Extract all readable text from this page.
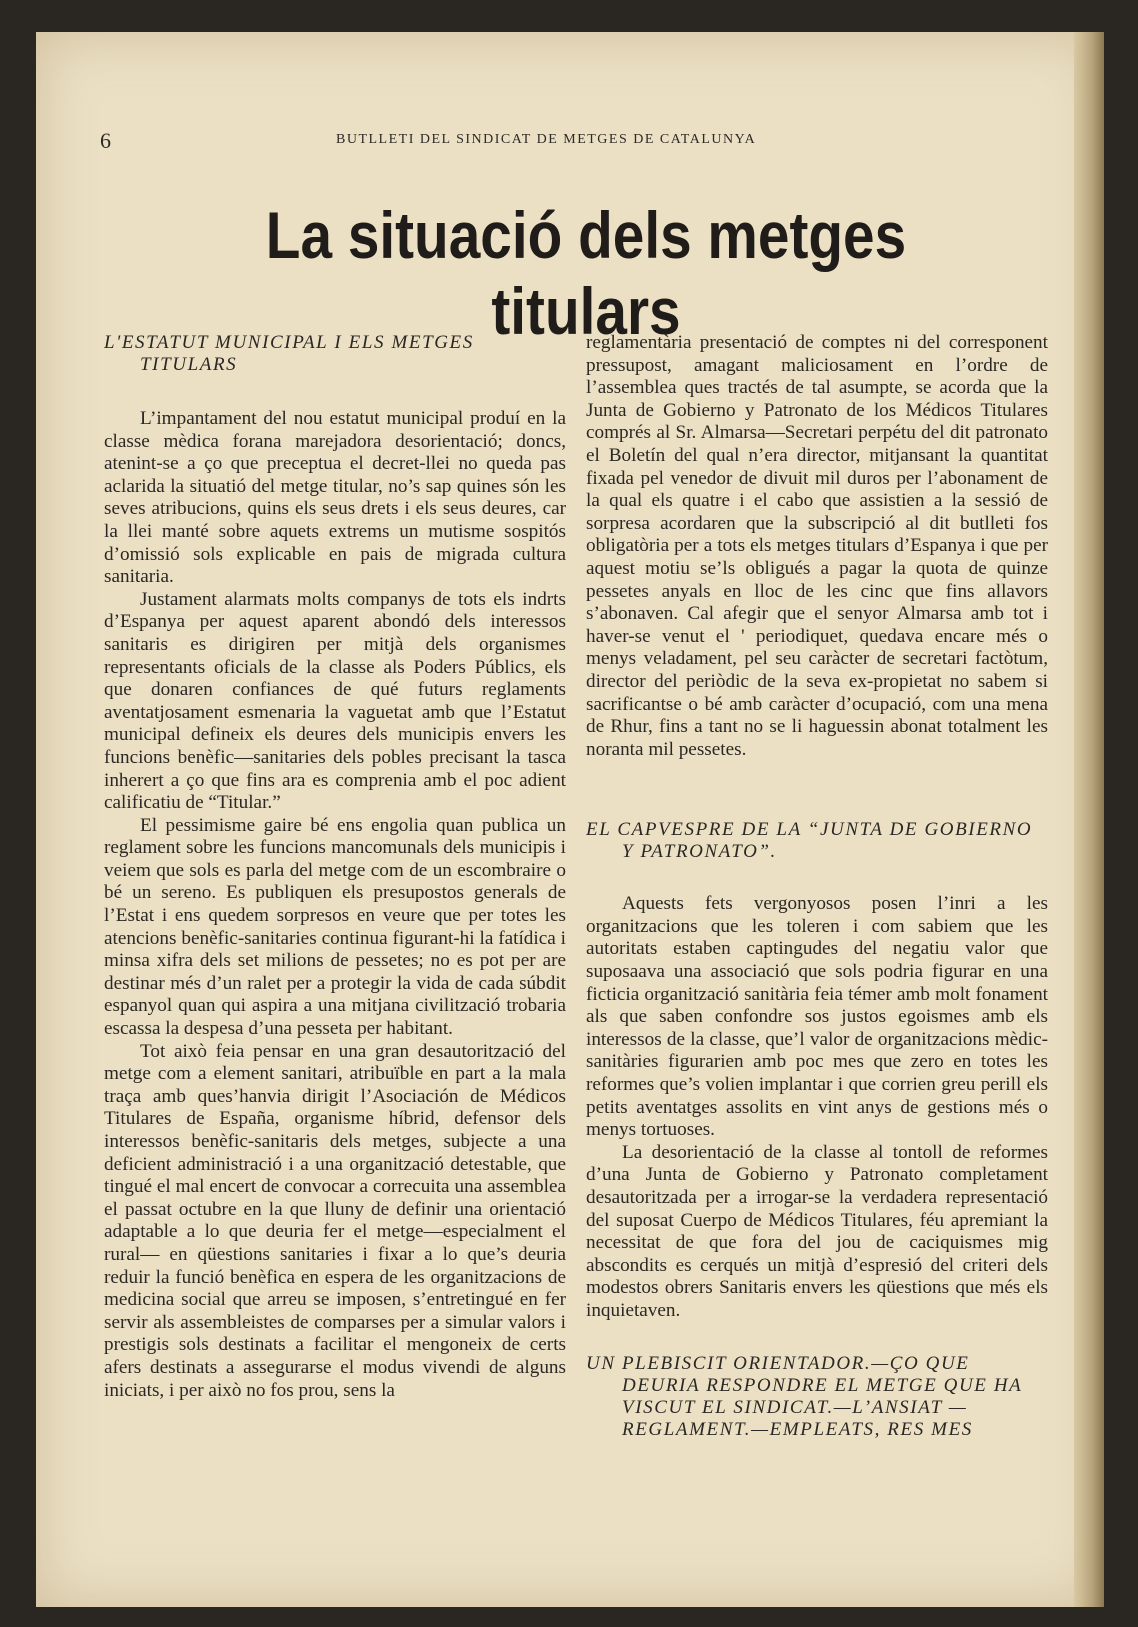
6	BUTLLETI DEL SINDICAT DE METGES DE CATALUNYA
La situació dels metges titulars

L'ESTATUT MUNICIPAL I ELS METGES TITULARS

L’impantament del nou estatut municipal produí en la classe mèdica forana marejadora desorientació; doncs, atenint-se a ço que preceptua el decret-llei no queda pas aclarida la situatió del metge titular, no’s sap quines són les seves atribucions, quins els seus drets i els seus deures, car la llei manté sobre aquets extrems un mutisme sospitós d’omissió sols explicable en pais de migrada cultura sanitaria.

Justament alarmats molts companys de tots els indrts d’Espanya per aquest aparent abondó dels interessos sanitaris es dirigiren per mitjà dels organismes representants oficials de la classe als Poders Públics, els que donaren confiances de qué futurs reglaments aventatjosament esmenaria la vaguetat amb que l’Estatut municipal defineix els deures dels municipis envers les funcions benèfic—sanitaries dels pobles precisant la tasca inherert a ço que fins ara es comprenia amb el poc adient calificatiu de “Titular.”

El pessimisme gaire bé ens engolia quan publica un reglament sobre les funcions mancomunals dels municipis i veiem que sols es parla del metge com de un escombraire o bé un sereno. Es publiquen els presupostos generals de l’Estat i ens quedem sorpresos en veure que per totes les atencions benèfic-sanitaries continua figurant-hi la fatídica i minsa xifra dels set milions de pessetes; no es pot per are destinar més d’un ralet per a protegir la vida de cada súbdit espanyol quan qui aspira a una mitjana civilització trobaria escassa la despesa d’una pesseta per habitant.

Tot això feia pensar en una gran desautorització del metge com a element sanitari, atribuïble en part a la mala traça amb ques’hanvia dirigit l’Asociación de Médicos Titulares de España, organisme híbrid, defensor dels interessos benèfic-sanitaris dels metges, subjecte a una deficient administració i a una organització detestable, que tingué el mal encert de convocar a correcuita una assemblea el passat octubre en la que lluny de definir una orientació adaptable a lo que deuria fer el metge—especialment el rural— en qüestions sanitaries i fixar a lo que’s deuria reduir la funció benèfica en espera de les organitzacions de medicina social que arreu se imposen, s’entretingué en fer servir als assembleistes de comparses per a simular valors i prestigis sols destinats a facilitar el mengoneix de certs afers destinats a assegurarse el modus vivendi de alguns iniciats, i per això no fos prou, sens la

reglamentària presentació de comptes ni del corresponent pressupost, amagant maliciosament en l’ordre de l’assemblea ques tractés de tal asumpte, se acorda que la Junta de Gobierno y Patronato de los Médicos Titulares comprés al Sr. Almarsa—Secretari perpétu del dit patronato el Boletín del qual n’era director, mitjansant la quantitat fixada pel venedor de divuit mil duros per l’abonament de la qual els quatre i el cabo que assistien a la sessió de sorpresa acordaren que la subscripció al dit butlleti fos obligatòria per a tots els metges titulars d’Espanya i que per aquest motiu se’ls obligués a pagar la quota de quinze pessetes anyals en lloc de les cinc que fins allavors s’abonaven. Cal afegir que el senyor Almarsa amb tot i haver-se venut el ' periodiquet, quedava encare més o menys veladament, pel seu caràcter de secretari factòtum, director del periòdic de la seva ex-propietat no sabem si sacrificantse o bé amb caràcter d’ocupació, com una mena de Rhur, fins a tant no se li haguessin abonat totalment les noranta mil pessetes.

EL CAPVESPRE DE LA “JUNTA DE GOBIERNO Y PATRONATO”.

Aquests fets vergonyosos posen l’inri a les organitzacions que les toleren i com sabiem que les autoritats estaben captingudes del negatiu valor que suposaava una associació que sols podria figurar en una ficticia organització sanitària feia témer amb molt fonament als que saben confondre sos justos egoismes amb els interessos de la classe, que’l valor de organitzacions mèdic-sanitàries figurarien amb poc mes que zero en totes les reformes que’s volien implantar i que corrien greu perill els petits aventatges assolits en vint anys de gestions més o menys tortuoses.

La desorientació de la classe al tontoll de reformes d’una Junta de Gobierno y Patronato completament desautoritzada per a irrogar-se la verdadera representació del suposat Cuerpo de Médicos Titulares, féu apremiant la necessitat de que fora del jou de caciquismes mig abscondits es cerqués un mitjà d’espresió del criteri dels modestos obrers Sanitaris envers les qüestions que més els inquietaven.

UN PLEBISCIT ORIENTADOR.—ÇO QUE DEURIA RESPONDRE EL METGE QUE HA VISCUT EL SINDICAT.—L’ANSIAT —REGLAMENT.—EMPLEATS, RES MES
